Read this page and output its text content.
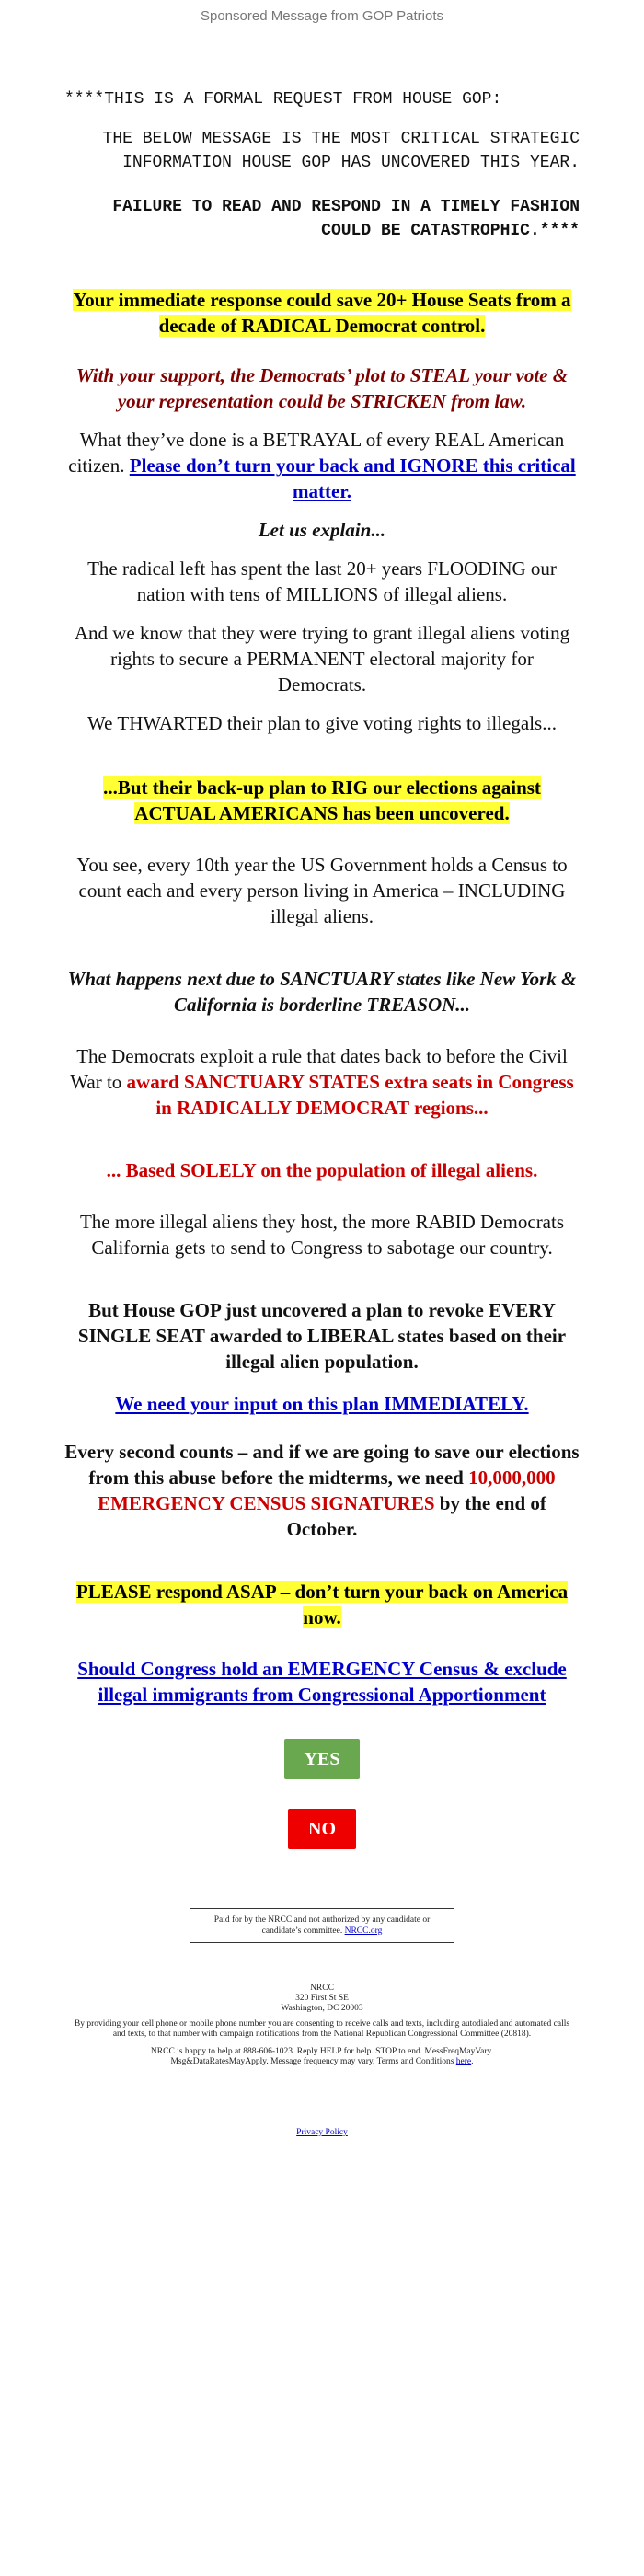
Sponsored Message from GOP Patriots
****THIS IS A FORMAL REQUEST FROM HOUSE GOP:
THE BELOW MESSAGE IS THE MOST CRITICAL STRATEGIC INFORMATION HOUSE GOP HAS UNCOVERED THIS YEAR.
FAILURE TO READ AND RESPOND IN A TIMELY FASHION COULD BE CATASTROPHIC.****
Your immediate response could save 20+ House Seats from a decade of RADICAL Democrat control.
With your support, the Democrats’ plot to STEAL your vote & your representation could be STRICKEN from law.
What they’ve done is a BETRAYAL of every REAL American citizen. Please don’t turn your back and IGNORE this critical matter.
Let us explain...
The radical left has spent the last 20+ years FLOODING our nation with tens of MILLIONS of illegal aliens.
And we know that they were trying to grant illegal aliens voting rights to secure a PERMANENT electoral majority for Democrats.
We THWARTED their plan to give voting rights to illegals...
...But their back-up plan to RIG our elections against ACTUAL AMERICANS has been uncovered.
You see, every 10th year the US Government holds a Census to count each and every person living in America – INCLUDING illegal aliens.
What happens next due to SANCTUARY states like New York & California is borderline TREASON...
The Democrats exploit a rule that dates back to before the Civil War to award SANCTUARY STATES extra seats in Congress in RADICALLY DEMOCRAT regions...
... Based SOLELY on the population of illegal aliens.
The more illegal aliens they host, the more RABID Democrats California gets to send to Congress to sabotage our country.
But House GOP just uncovered a plan to revoke EVERY SINGLE SEAT awarded to LIBERAL states based on their illegal alien population.
We need your input on this plan IMMEDIATELY.
Every second counts – and if we are going to save our elections from this abuse before the midterms, we need 10,000,000 EMERGENCY CENSUS SIGNATURES by the end of October.
PLEASE respond ASAP – don’t turn your back on America now.
Should Congress hold an EMERGENCY Census & exclude illegal immigrants from Congressional Apportionment
YES
NO
Paid for by the NRCC and not authorized by any candidate or candidate’s committee. NRCC.org
NRCC
320 First St SE
Washington, DC 20003
By providing your cell phone or mobile phone number you are consenting to receive calls and texts, including autodialed and automated calls and texts, to that number with campaign notifications from the National Republican Congressional Committee (20818).
NRCC is happy to help at 888-606-1023. Reply HELP for help. STOP to end. MessFreqMayVary. Msg&DataRatesMayApply. Message frequency may vary. Terms and Conditions here.
Privacy Policy
